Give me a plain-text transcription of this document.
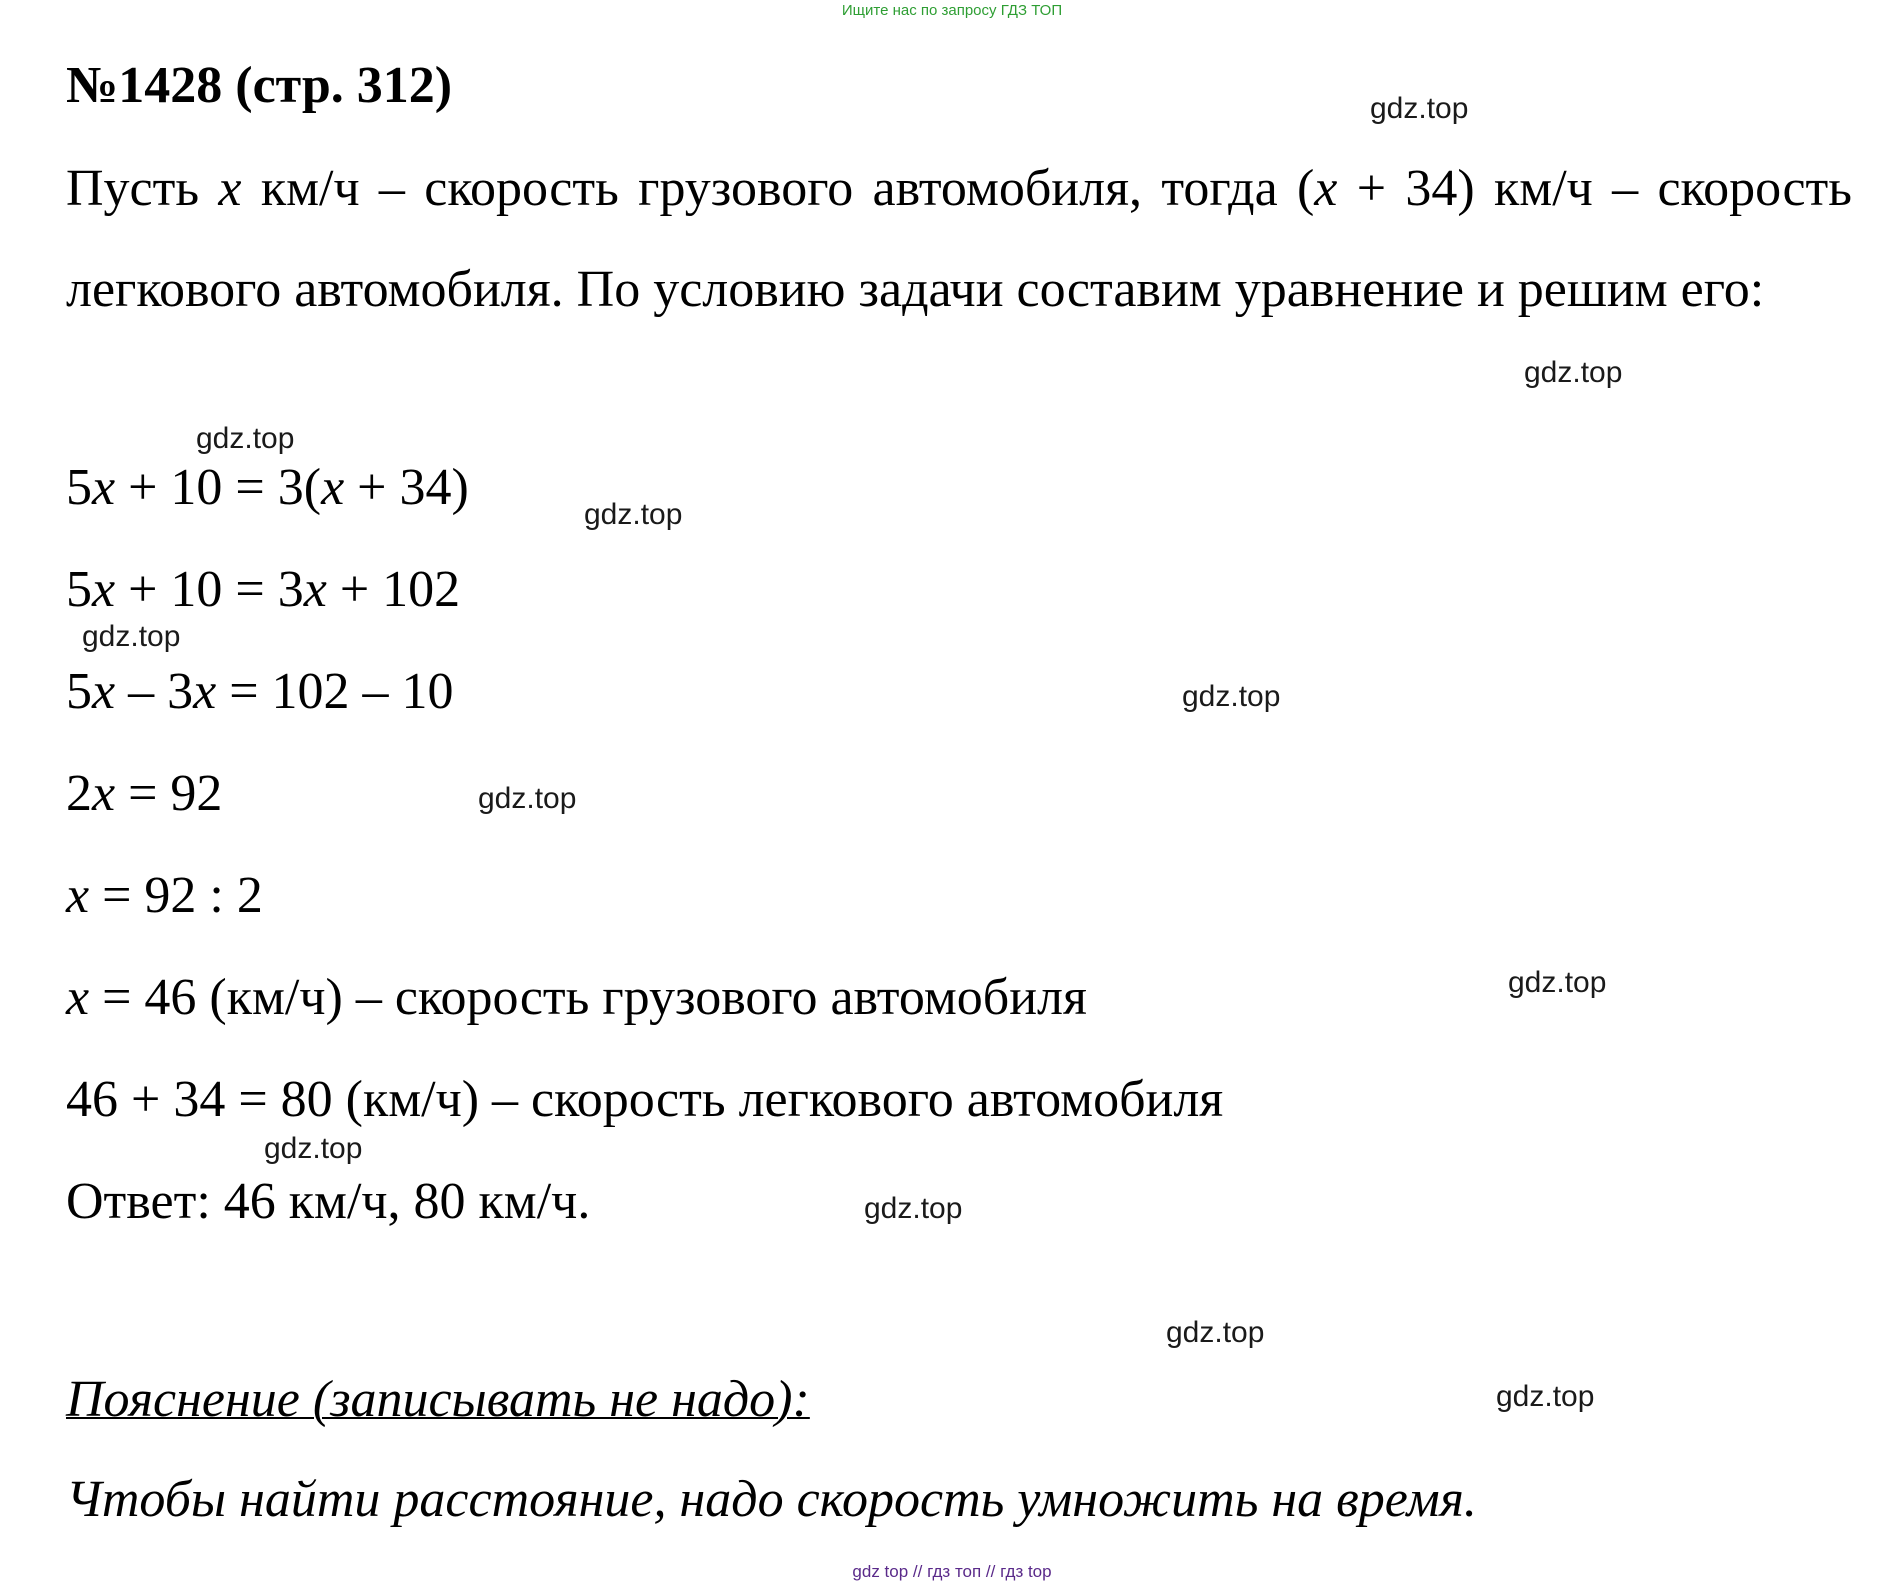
Ищите нас по запросу ГДЗ ТОП
№1428 (стр. 312)
Пусть x км/ч – скорость грузового автомобиля, тогда (x + 34) км/ч – скорость легкового автомобиля. По условию задачи составим уравнение и решим его:
5x + 10 = 3(x + 34)
5x + 10 = 3x + 102
5x – 3x = 102 – 10
2x = 92
x = 92 : 2
x = 46 (км/ч) – скорость грузового автомобиля
46 + 34 = 80 (км/ч) – скорость легкового автомобиля
Ответ: 46 км/ч, 80 км/ч.
Пояснение (записывать не надо):
Чтобы найти расстояние, надо скорость умножить на время.
gdz.top
gdz.top
gdz.top
gdz.top
gdz.top
gdz.top
gdz.top
gdz.top
gdz.top
gdz.top
gdz.top
gdz.top
gdz top // гдз топ // гдз top
